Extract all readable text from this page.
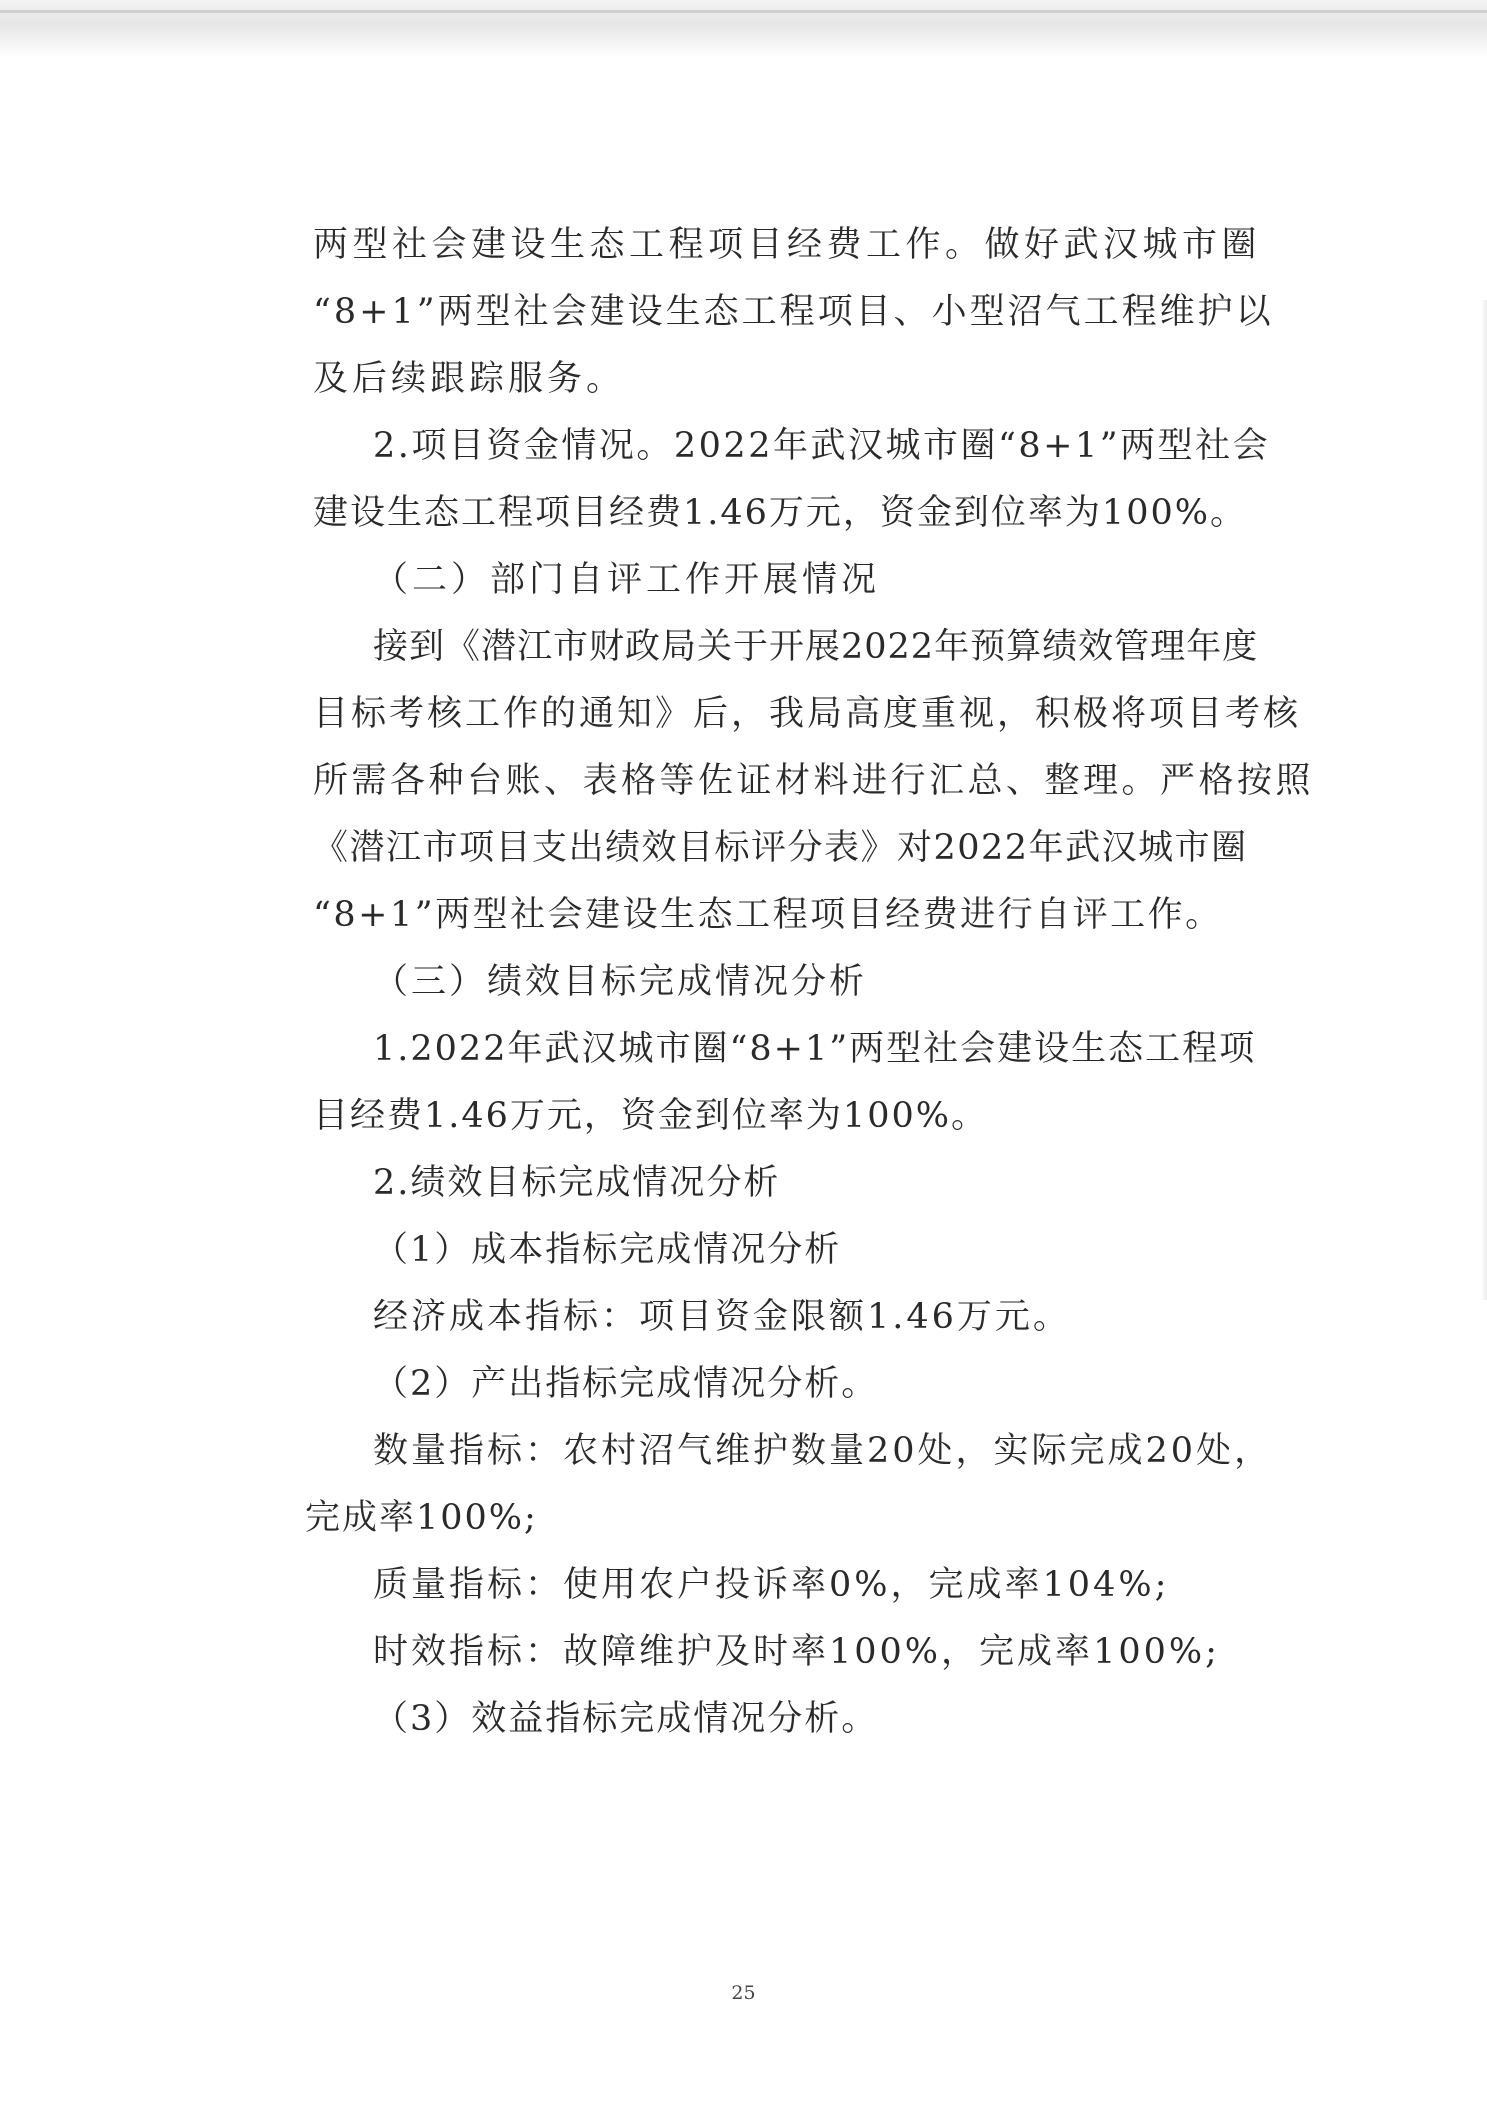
两型社会建设生态工程项目经费工作。做好武汉城市圈
“8+1”两型社会建设生态工程项目、小型沼气工程维护以
及后续跟踪服务。
2.项目资金情况。2022年武汉城市圈“8+1”两型社会
建设生态工程项目经费1.46万元，资金到位率为100%。
（二）部门自评工作开展情况
接到《潜江市财政局关于开展2022年预算绩效管理年度
目标考核工作的通知》后，我局高度重视，积极将项目考核
所需各种台账、表格等佐证材料进行汇总、整理。严格按照
《潜江市项目支出绩效目标评分表》对2022年武汉城市圈
“8+1”两型社会建设生态工程项目经费进行自评工作。
（三）绩效目标完成情况分析
1.2022年武汉城市圈“8+1”两型社会建设生态工程项
目经费1.46万元，资金到位率为100%。
2.绩效目标完成情况分析
（1）成本指标完成情况分析
经济成本指标：项目资金限额1.46万元。
（2）产出指标完成情况分析。
数量指标：农村沼气维护数量20处，实际完成20处，
完成率100%;
质量指标：使用农户投诉率0%，完成率104%;
时效指标：故障维护及时率100%，完成率100%;
（3）效益指标完成情况分析。
25
